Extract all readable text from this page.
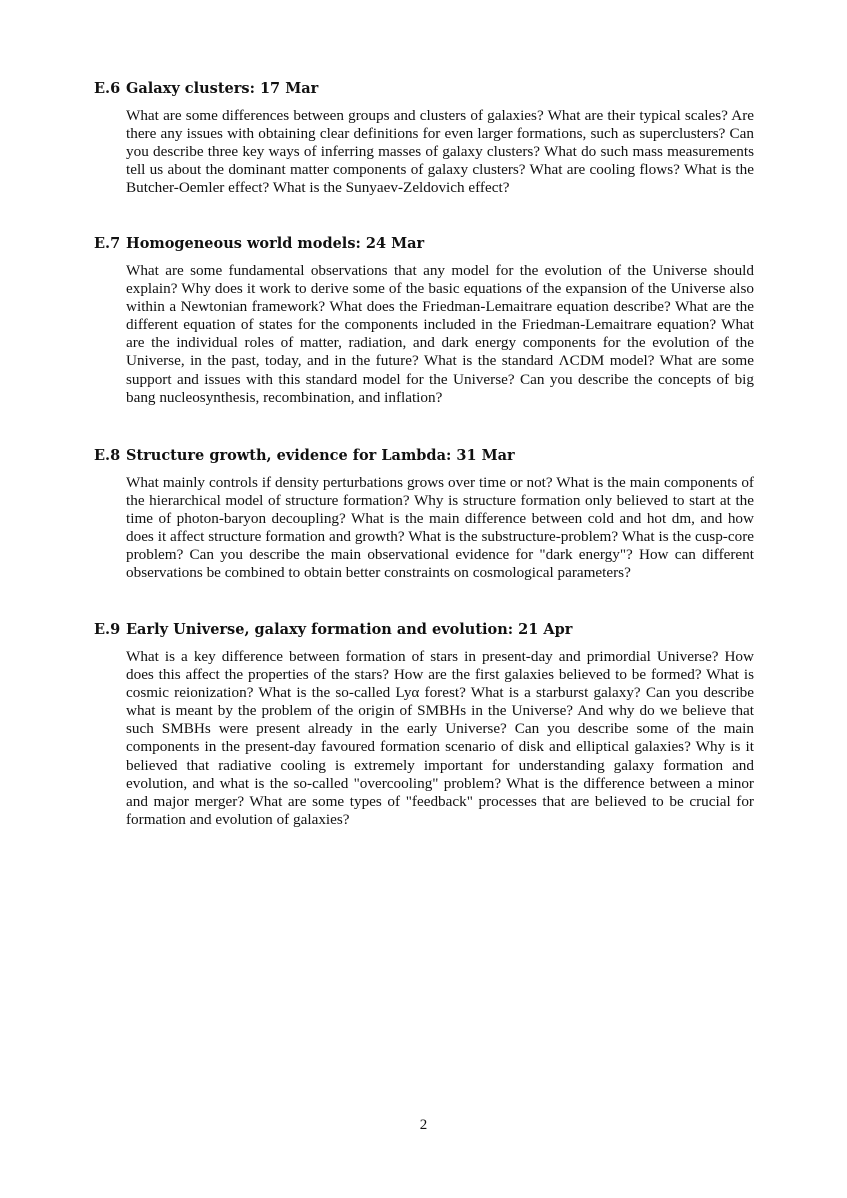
E.6 Galaxy clusters: 17 Mar

What are some differences between groups and clusters of galaxies? What are their typical scales? Are there any issues with obtaining clear definitions for even larger formations, such as superclusters? Can you describe three key ways of inferring masses of galaxy clusters? What do such mass measurements tell us about the dominant matter components of galaxy clusters? What are cooling flows? What is the Butcher-Oemler effect? What is the Sunyaev-Zeldovich effect?

E.7 Homogeneous world models: 24 Mar

What are some fundamental observations that any model for the evolution of the Universe should explain? Why does it work to derive some of the basic equations of the expansion of the Universe also within a Newtonian framework? What does the Friedman-Lemaitrare equation describe? What are the different equation of states for the components included in the Friedman-Lemaitrare equation? What are the individual roles of matter, radiation, and dark energy components for the evolution of the Universe, in the past, today, and in the future? What is the standard ΛCDM model? What are some support and issues with this standard model for the Universe? Can you describe the concepts of big bang nucleosynthesis, recombination, and inflation?

E.8 Structure growth, evidence for Lambda: 31 Mar

What mainly controls if density perturbations grows over time or not? What is the main components of the hierarchical model of structure formation? Why is structure formation only believed to start at the time of photon-baryon decoupling? What is the main difference between cold and hot dm, and how does it affect structure formation and growth? What is the substructure-problem? What is the cusp-core problem? Can you describe the main observational evidence for "dark energy"? How can different observations be combined to obtain better constraints on cosmological parameters?

E.9 Early Universe, galaxy formation and evolution: 21 Apr

What is a key difference between formation of stars in present-day and primordial Universe? How does this affect the properties of the stars? How are the first galaxies believed to be formed? What is cosmic reionization? What is the so-called Lyα forest? What is a starburst galaxy? Can you describe what is meant by the problem of the origin of SMBHs in the Universe? And why do we believe that such SMBHs were present already in the early Universe? Can you describe some of the main components in the present-day favoured formation scenario of disk and elliptical galaxies? Why is it believed that radiative cooling is extremely important for understanding galaxy formation and evolution, and what is the so-called "overcooling" problem? What is the difference between a minor and major merger? What are some types of "feedback" processes that are believed to be crucial for formation and evolution of galaxies?

2
